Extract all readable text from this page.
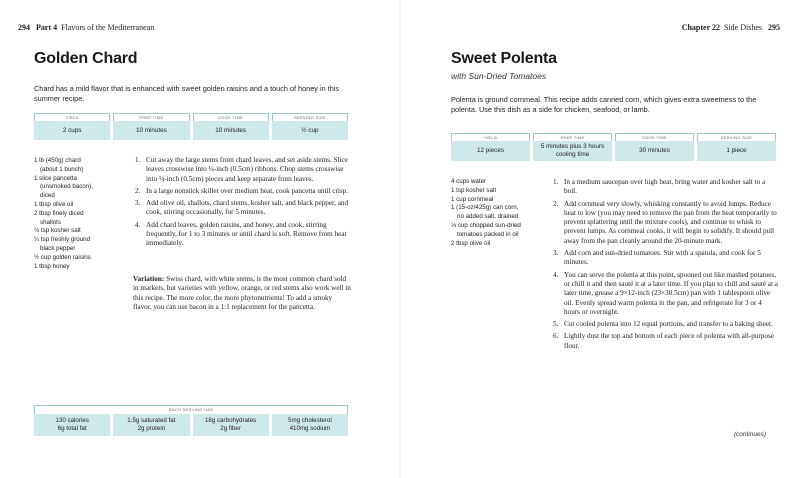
294 Part 4 Flavors of the Mediterranean
Golden Chard
Chard has a mild flavor that is enhanced with sweet golden raisins and a touch of honey in this summer recipe.
YIELD
2 cups
PREP TIME
10 minutes
COOK TIME
10 minutes
SERVING SIZE
½ cup
1 lb (450g) chard
(about 1 bunch)
1 slice pancetta
(unsmoked bacon),
diced
1 tbsp olive oil
2 tbsp finely diced
shallots
⅛ tsp kosher salt
¼ tsp freshly ground
black pepper
½ cup golden raisins
1 tbsp honey
1. Cut away the large stems from chard leaves, and set aside stems. Slice leaves crosswise into ¼-inch (0.5cm) ribbons. Chop stems crosswise into ¼-inch (0.5cm) pieces and keep separate from leaves.
2. In a large nonstick skillet over medium heat, cook pancetta until crisp.
3. Add olive oil, shallots, chard stems, kosher salt, and black pepper, and cook, stirring occasionally, for 5 minutes.
4. Add chard leaves, golden raisins, and honey, and cook, stirring frequently, for 1 to 3 minutes or until chard is soft. Remove from heat immediately.
Variation: Swiss chard, with white stems, is the most common chard sold in markets, but varieties with yellow, orange, or red stems also work well in this recipe. The more color, the more phytonutrients! To add a smoky flavor, you can use bacon in a 1:1 replacement for the pancetta.
EACH SERVING HAS
130 calories
6g total fat
1.5g saturated fat
2g protein
18g carbohydrates
2g fiber
5mg cholesterol
410mg sodium
Chapter 22 Side Dishes 295
Sweet Polenta
with Sun-Dried Tomatoes
Polenta is ground cornmeal. This recipe adds canned corn, which gives extra sweetness to the polenta. Use this dish as a side for chicken, seafood, or lamb.
YIELD
12 pieces
PREP TIME
5 minutes plus 3 hours cooling time
COOK TIME
30 minutes
SERVING SIZE
1 piece
4 cups water
1 tsp kosher salt
1 cup cornmeal
1 (15-oz/425g) can corn,
no added salt, drained
⅓ cup chopped sun-dried
tomatoes packed in oil
2 tbsp olive oil
1. In a medium saucepan over high heat, bring water and kosher salt to a boil.
2. Add cornmeal very slowly, whisking constantly to avoid lumps. Reduce heat to low (you may need to remove the pan from the heat temporarily to prevent splattering until the mixture cools), and continue to whisk to prevent lumps. As cornmeal cooks, it will begin to solidify. It should pull away from the pan cleanly around the 20-minute mark.
3. Add corn and sun-dried tomatoes. Stir with a spatula, and cook for 5 minutes.
4. You can serve the polenta at this point, spooned out like mashed potatoes, or chill it and then sauté it at a later time. If you plan to chill and sauté at a later time, grease a 9×12-inch (23×30.5cm) pan with 1 tablespoon olive oil. Evenly spread warm polenta in the pan, and refrigerate for 3 or 4 hours or overnight.
5. Cut cooled polenta into 12 equal portions, and transfer to a baking sheet.
6. Lightly dust the top and bottom of each piece of polenta with all-purpose flour.
(continues)
